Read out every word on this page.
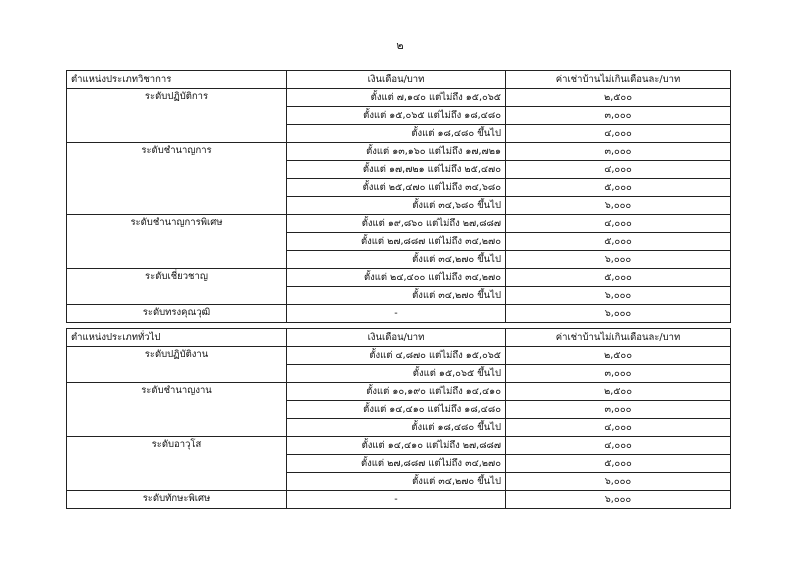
๒
ตำแหน่งประเภทวิชาการ	เงินเดือน/บาท	ค่าเช่าบ้านไม่เกินเดือนละ/บาท
ระดับปฏิบัติการ	ตั้งแต่ ๗,๑๔๐ แต่ไม่ถึง ๑๕,๐๖๕	๒,๕๐๐
	ตั้งแต่ ๑๕,๐๖๕ แต่ไม่ถึง ๑๘,๔๘๐	๓,๐๐๐
	ตั้งแต่ ๑๘,๔๘๐ ขึ้นไป	๔,๐๐๐
ระดับชำนาญการ	ตั้งแต่ ๑๓,๑๖๐ แต่ไม่ถึง ๑๗,๗๒๑	๓,๐๐๐
	ตั้งแต่ ๑๗,๗๒๑ แต่ไม่ถึง ๒๕,๔๗๐	๔,๐๐๐
	ตั้งแต่ ๒๕,๔๗๐ แต่ไม่ถึง ๓๔,๖๘๐	๕,๐๐๐
	ตั้งแต่ ๓๔,๖๘๐ ขึ้นไป	๖,๐๐๐
ระดับชำนาญการพิเศษ	ตั้งแต่ ๑๙,๘๖๐ แต่ไม่ถึง ๒๗,๘๘๗	๔,๐๐๐
	ตั้งแต่ ๒๗,๘๘๗ แต่ไม่ถึง ๓๔,๒๗๐	๕,๐๐๐
	ตั้งแต่ ๓๔,๒๗๐ ขึ้นไป	๖,๐๐๐
ระดับเชี่ยวชาญ	ตั้งแต่ ๒๔,๔๐๐ แต่ไม่ถึง ๓๔,๒๗๐	๕,๐๐๐
	ตั้งแต่ ๓๔,๒๗๐ ขึ้นไป	๖,๐๐๐
ระดับทรงคุณวุฒิ	-	๖,๐๐๐
ตำแหน่งประเภททั่วไป	เงินเดือน/บาท	ค่าเช่าบ้านไม่เกินเดือนละ/บาท
ระดับปฏิบัติงาน	ตั้งแต่ ๔,๘๗๐ แต่ไม่ถึง ๑๕,๐๖๕	๒,๕๐๐
	ตั้งแต่ ๑๕,๐๖๕ ขึ้นไป	๓,๐๐๐
ระดับชำนาญงาน	ตั้งแต่ ๑๐,๑๙๐ แต่ไม่ถึง ๑๔,๔๑๐	๒,๕๐๐
	ตั้งแต่ ๑๔,๔๑๐ แต่ไม่ถึง ๑๘,๔๘๐	๓,๐๐๐
	ตั้งแต่ ๑๘,๔๘๐ ขึ้นไป	๔,๐๐๐
ระดับอาวุโส	ตั้งแต่ ๑๔,๔๑๐ แต่ไม่ถึง ๒๗,๘๘๗	๔,๐๐๐
	ตั้งแต่ ๒๗,๘๘๗ แต่ไม่ถึง ๓๔,๒๗๐	๕,๐๐๐
	ตั้งแต่ ๓๔,๒๗๐ ขึ้นไป	๖,๐๐๐
ระดับทักษะพิเศษ	-	๖,๐๐๐
